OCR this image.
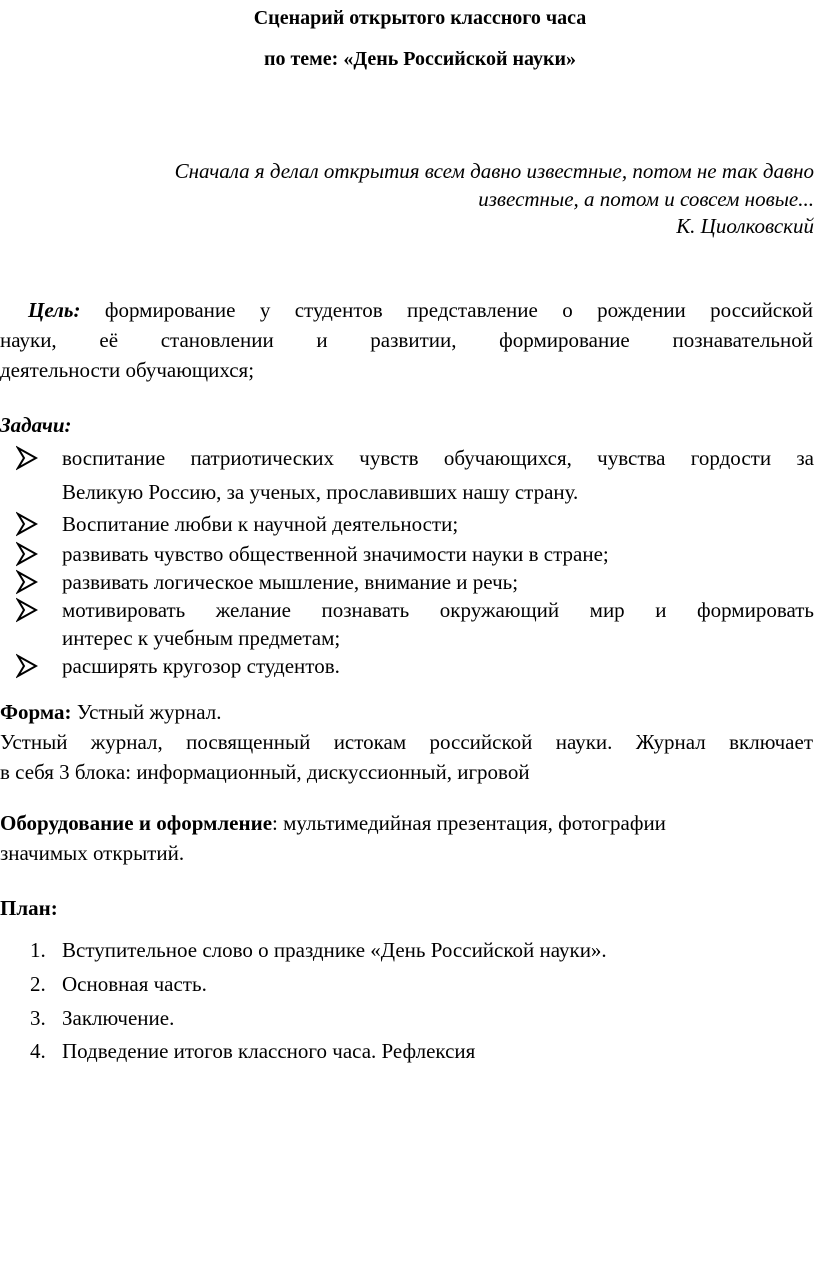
Сценарий открытого классного часа
по теме: «День Российской науки»

Сначала я делал открытия всем давно известные, потом не так давно

известные, а потом и совсем новые...

К. Циолковский

Цель: формирование у студентов представление о рождении российской
науки, её становлении и развитии, формирование познавательной
деятельности обучающихся;

Задачи:

воспитание патриотических чувств обучающихся, чувства гордости за
Великую Россию, за ученых, прославивших нашу страну.
Воспитание любви к научной деятельности;
развивать чувство общественной значимости науки в стране;
развивать логическое мышление, внимание и речь;
мотивировать желание познавать окружающий мир и формировать
интерес к учебным предметам;
расширять кругозор студентов.
Форма: Устный журнал.
Устный журнал, посвященный истокам российской науки. Журнал включает
в себя 3 блока: информационный, дискуссионный, игровой
Оборудование и оформление: мультимедийная презентация, фотографии
значимых открытий.
План:
1. Вступительное слово о празднике «День Российской науки».
2. Основная часть.
3. Заключение.
4. Подведение итогов классного часа. Рефлексия
